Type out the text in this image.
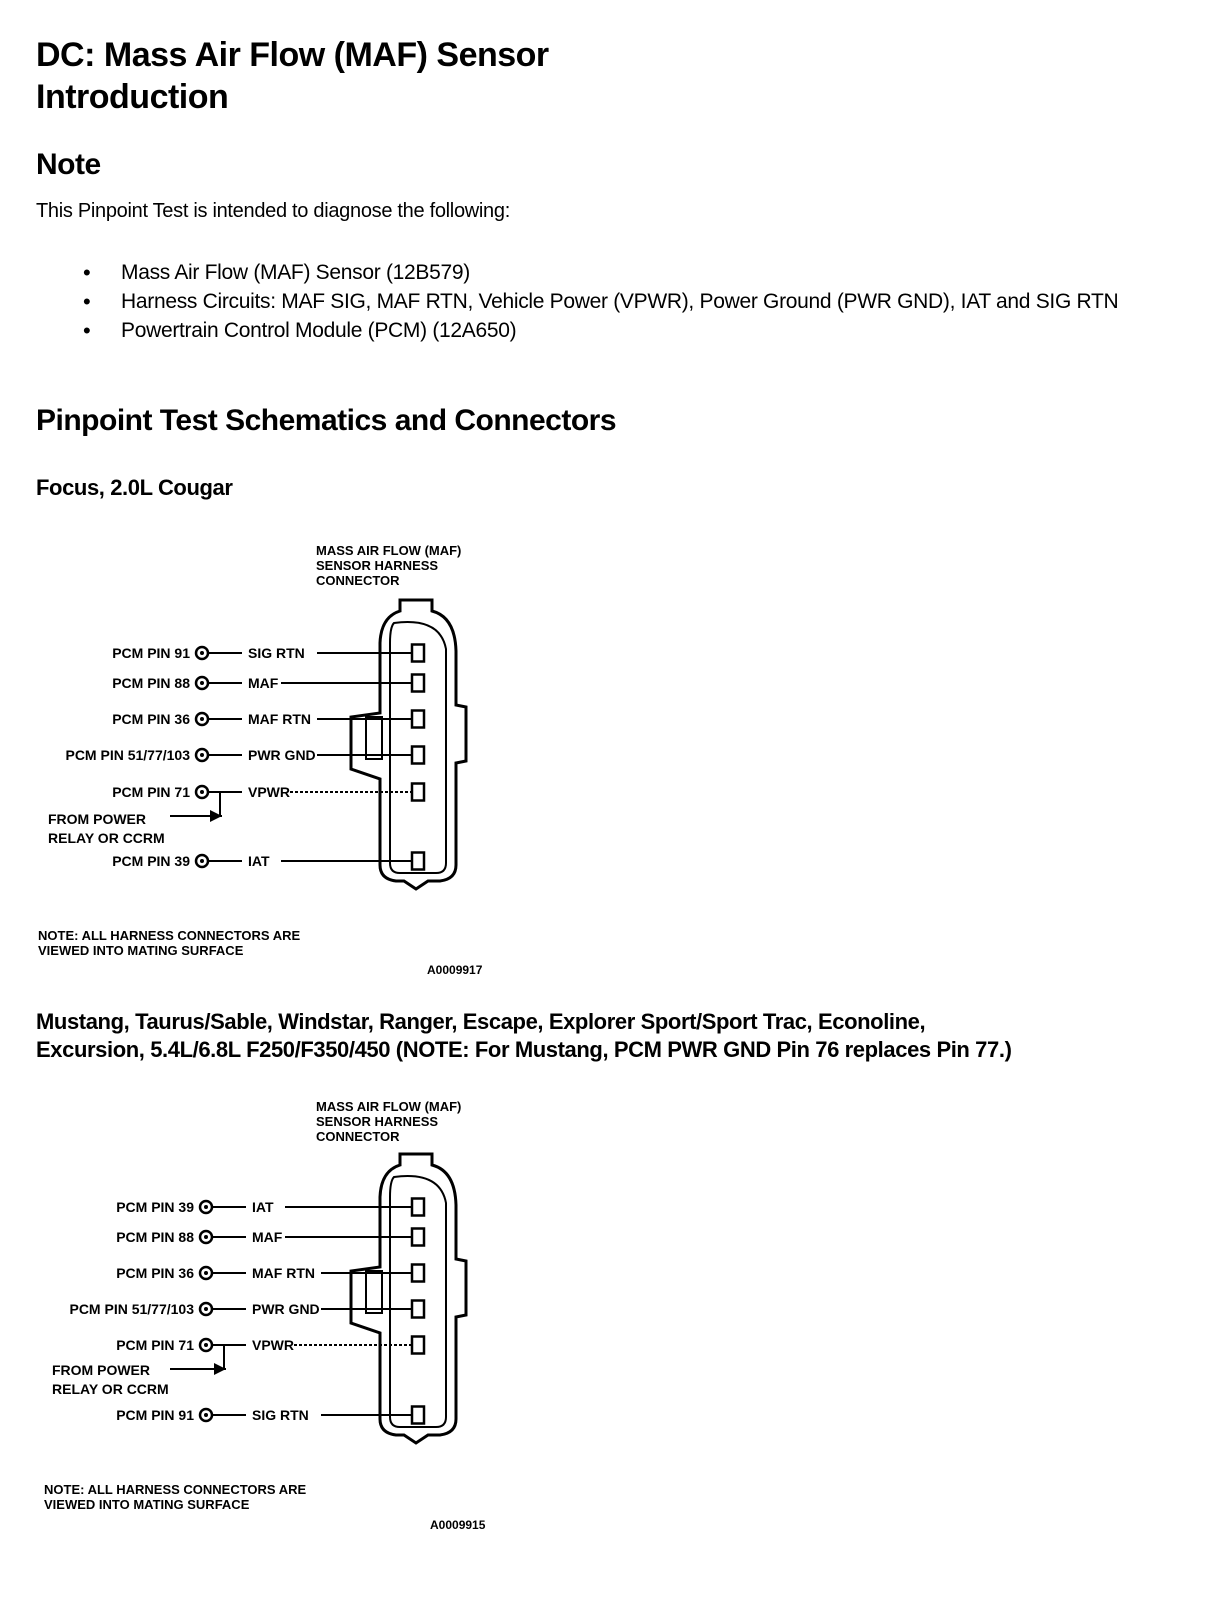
DC: Mass Air Flow (MAF) Sensor
Introduction
Note
This Pinpoint Test is intended to diagnose the following:
• Mass Air Flow (MAF) Sensor (12B579)
• Harness Circuits: MAF SIG, MAF RTN, Vehicle Power (VPWR), Power Ground (PWR GND), IAT and SIG RTN
• Powertrain Control Module (PCM) (12A650)
Pinpoint Test Schematics and Connectors
Focus, 2.0L Cougar
MASS AIR FLOW (MAF)
SENSOR HARNESS
CONNECTOR
PCM PIN 91	SIG RTN
PCM PIN 88	MAF
PCM PIN 36	MAF RTN
PCM PIN 51/77/103	PWR GND
PCM PIN 71	VPWR
PCM PIN 39	IAT
FROM POWER
RELAY OR CCRM
NOTE: ALL HARNESS CONNECTORS ARE
VIEWED INTO MATING SURFACE
A0009917
Mustang, Taurus/Sable, Windstar, Ranger, Escape, Explorer Sport/Sport Trac, Econoline,
Excursion, 5.4L/6.8L F250/F350/450 (NOTE: For Mustang, PCM PWR GND Pin 76 replaces Pin 77.)
MASS AIR FLOW (MAF)
SENSOR HARNESS
CONNECTOR
PCM PIN 39	IAT
PCM PIN 88	MAF
PCM PIN 36	MAF RTN
PCM PIN 51/77/103	PWR GND
PCM PIN 71	VPWR
PCM PIN 91	SIG RTN
FROM POWER
RELAY OR CCRM
NOTE: ALL HARNESS CONNECTORS ARE
VIEWED INTO MATING SURFACE
A0009915
